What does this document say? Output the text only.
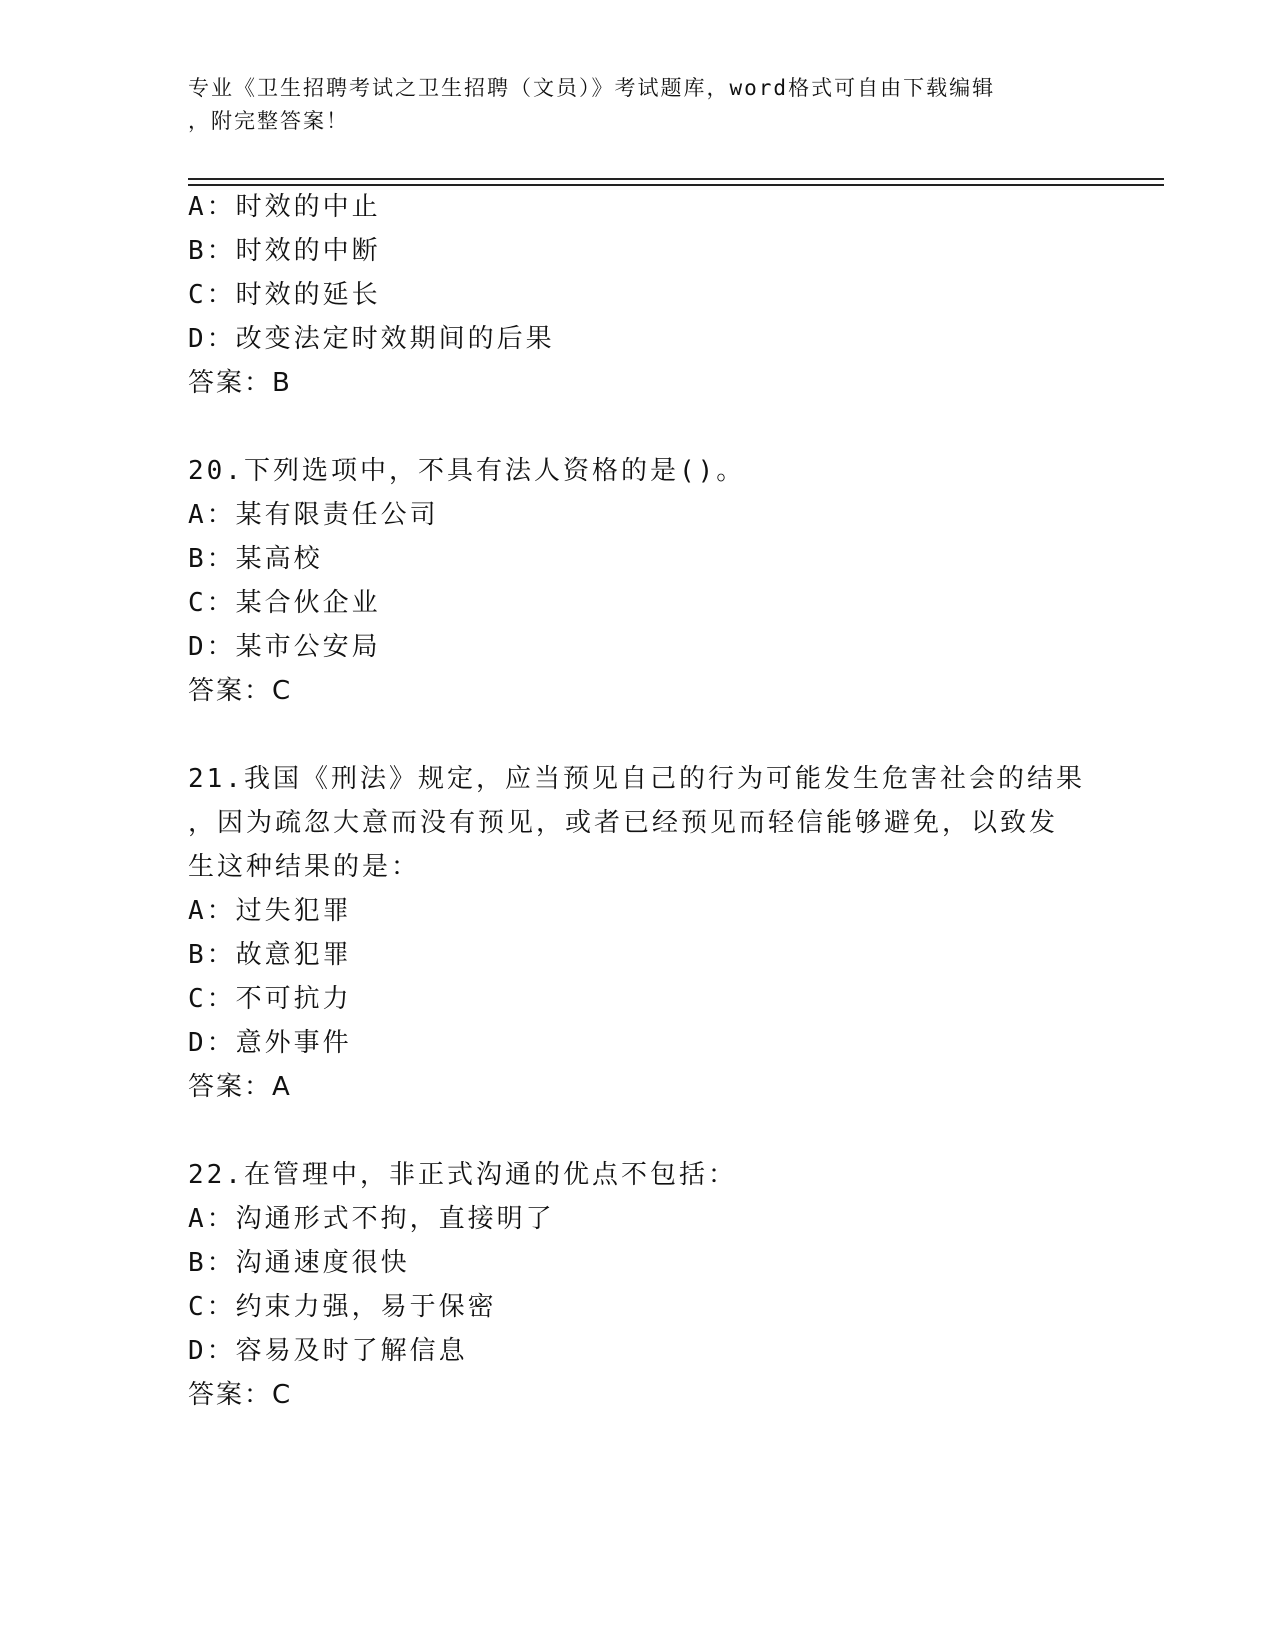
专业《卫生招聘考试之卫生招聘（文员）》考试题库，word格式可自由下载编辑
，附完整答案！
A：时效的中止
B：时效的中断
C：时效的延长
D：改变法定时效期间的后果
答案：B
20.下列选项中，不具有法人资格的是()。
A：某有限责任公司
B：某高校
C：某合伙企业
D：某市公安局
答案：C
21.我国《刑法》规定，应当预见自己的行为可能发生危害社会的结果
，因为疏忽大意而没有预见，或者已经预见而轻信能够避免，以致发
生这种结果的是：
A：过失犯罪
B：故意犯罪
C：不可抗力
D：意外事件
答案：A
22.在管理中，非正式沟通的优点不包括：
A：沟通形式不拘，直接明了
B：沟通速度很快
C：约束力强，易于保密
D：容易及时了解信息
答案：C
